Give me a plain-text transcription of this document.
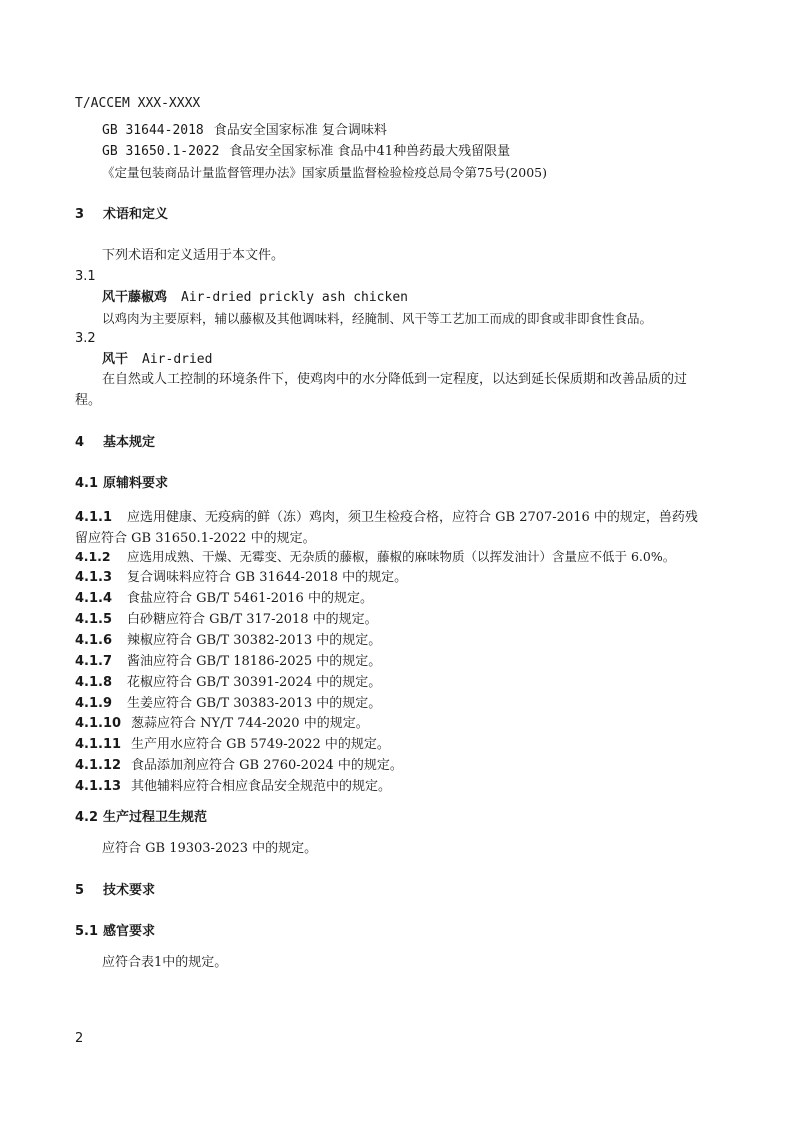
T/ACCEM XXX-XXXX
GB 31644-2018 食品安全国家标准 复合调味料
GB 31650.1-2022 食品安全国家标准 食品中41种兽药最大残留限量
《定量包装商品计量监督管理办法》国家质量监督检验检疫总局令第75号(2005)
3 术语和定义
下列术语和定义适用于本文件。
3.1
风干藤椒鸡 Air-dried prickly ash chicken
以鸡肉为主要原料，辅以藤椒及其他调味料，经腌制、风干等工艺加工而成的即食或非即食性食品。
3.2
风干 Air-dried
在自然或人工控制的环境条件下，使鸡肉中的水分降低到一定程度，以达到延长保质期和改善品质的过程。
4 基本规定
4.1 原辅料要求
4.1.1 应选用健康、无疫病的鲜（冻）鸡肉，须卫生检疫合格，应符合 GB 2707-2016 中的规定，兽药残留应符合 GB 31650.1-2022 中的规定。
4.1.2 应选用成熟、干燥、无霉变、无杂质的藤椒，藤椒的麻味物质（以挥发油计）含量应不低于 6.0%。
4.1.3 复合调味料应符合 GB 31644-2018 中的规定。
4.1.4 食盐应符合 GB/T 5461-2016 中的规定。
4.1.5 白砂糖应符合 GB/T 317-2018 中的规定。
4.1.6 辣椒应符合 GB/T 30382-2013 中的规定。
4.1.7 酱油应符合 GB/T 18186-2025 中的规定。
4.1.8 花椒应符合 GB/T 30391-2024 中的规定。
4.1.9 生姜应符合 GB/T 30383-2013 中的规定。
4.1.10 葱蒜应符合 NY/T 744-2020 中的规定。
4.1.11 生产用水应符合 GB 5749-2022 中的规定。
4.1.12 食品添加剂应符合 GB 2760-2024 中的规定。
4.1.13 其他辅料应符合相应食品安全规范中的规定。
4.2 生产过程卫生规范
应符合 GB 19303-2023 中的规定。
5 技术要求
5.1 感官要求
应符合表1中的规定。
2
